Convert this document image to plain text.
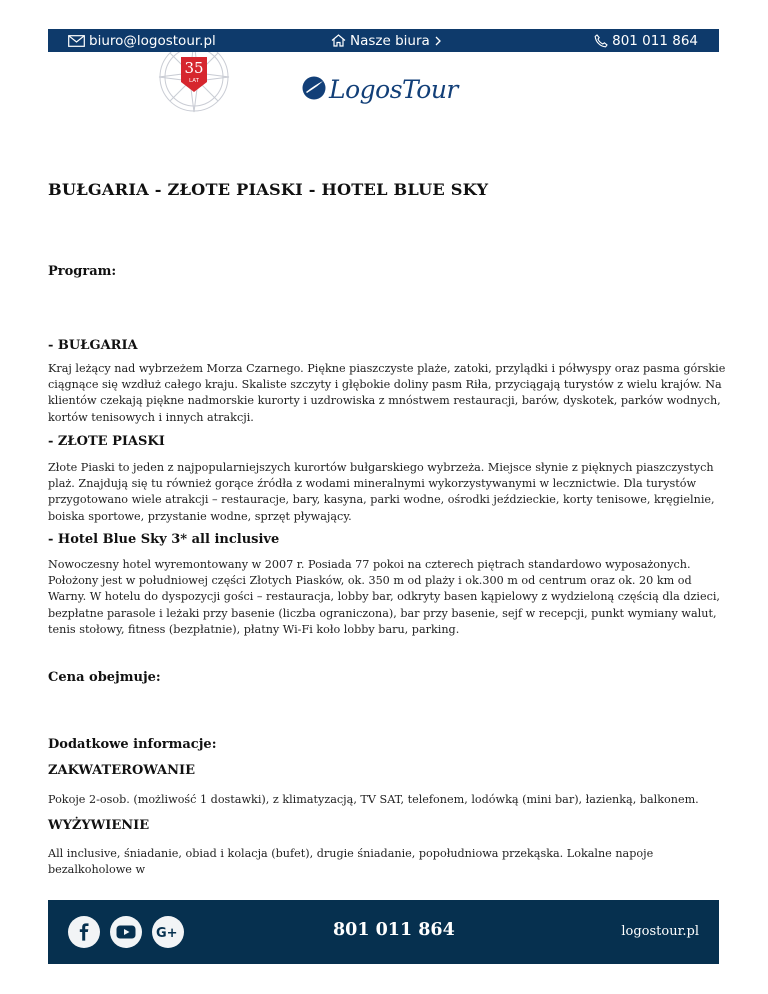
biuro@logostour.pl	Nasze biura	801 011 864
35
LAT	LogosTour
BUŁGARIA - ZŁOTE PIASKI - HOTEL BLUE SKY
Program:
- BUŁGARIA

Kraj leżący nad wybrzeżem Morza Czarnego. Piękne piaszczyste plaże, zatoki, przylądki i półwyspy oraz pasma górskie ciągnące się wzdłuż całego kraju. Skaliste szczyty i głębokie doliny pasm Riła, przyciągają turystów z wielu krajów. Na klientów czekają piękne nadmorskie kurorty i uzdrowiska z mnóstwem restauracji, barów, dyskotek, parków wodnych, kortów tenisowych i innych atrakcji.

- ZŁOTE PIASKI

Złote Piaski to jeden z najpopularniejszych kurortów bułgarskiego wybrzeża. Miejsce słynie z pięknych piaszczystych plaż. Znajdują się tu również gorące źródła z wodami mineralnymi wykorzystywanymi w lecznictwie. Dla turystów przygotowano wiele atrakcji – restauracje, bary, kasyna, parki wodne, ośrodki jeździeckie, korty tenisowe, kręgielnie, boiska sportowe, przystanie wodne, sprzęt pływający.

- Hotel Blue Sky 3* all inclusive

Nowoczesny hotel wyremontowany w 2007 r. Posiada 77 pokoi na czterech piętrach standardowo wyposażonych. Położony jest w południowej części Złotych Piasków, ok. 350 m od plaży i ok.300 m od centrum oraz ok. 20 km od Warny. W hotelu do dyspozycji gości – restauracja, lobby bar, odkryty basen kąpielowy z wydzieloną częścią dla dzieci, bezpłatne parasole i leżaki przy basenie (liczba ograniczona), bar przy basenie, sejf w recepcji, punkt wymiany walut, tenis stołowy, fitness (bezpłatnie), płatny Wi-Fi koło lobby baru, parking.

Cena obejmuje:
Dodatkowe informacje:
ZAKWATEROWANIE

Pokoje 2-osob. (możliwość 1 dostawki), z klimatyzacją, TV SAT, telefonem, lodówką (mini bar), łazienką, balkonem.

WYŻYWIENIE

All inclusive, śniadanie, obiad i kolacja (bufet), drugie śniadanie, popołudniowa przekąska. Lokalne napoje bezalkoholowe w

G+	801 011 864	logostour.pl
